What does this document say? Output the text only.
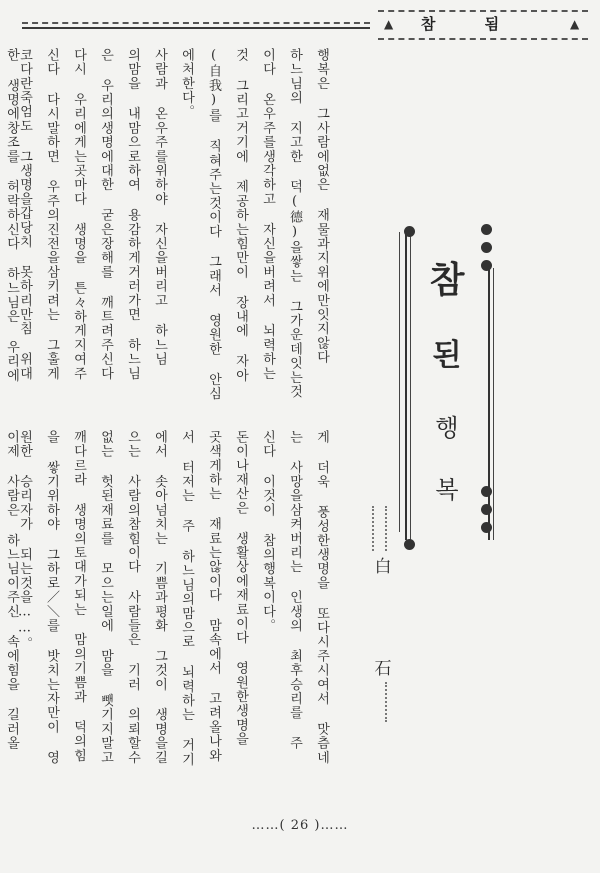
▲	참 됨	▲
참
된
행
복
白
石
행복은 그사람에없은 재물과지위에만잇지않다
하느님의 지고한 덕(德)을쌓는 그가운데잇는것
이다 온우주를생각하고 자신을버려서 뇌력하는
것 그리고거기에 제공하는힘만이 장내에 자아
(自我)를 직혀주는것이다 그래서 영원한 안심
에처한다。
사람과 온우주를위하야 자신을버리고 하느님
의맘을 내맘으로하여 용감하게거러가면 하느님
은 우리의생명에대한 굳은장해를 깨트려주신다
다시 우리에게는곳마다 생명을 튼々하게지여주
신다 다시말하면 우주의진전을삼키려는 그훌게
코다란죽엄도 그생명을갑당치 못하리만침 위대
한 생명에창조를 허락하신다 하느님은 우리에
게 더욱 풍성한생명을 또다시주시여서 맛츰네
는 사망을삼켜버리는 인생의 최후승리를 주
신다 이것이 참의행복이다。
돈이나재산은 생활상에재료이다 영원한생명을
곳색게하는 재료는않이다 맘속에서 고려올나와
서 터저는 주 하느님의맘으로 뇌력하는 거기
에서 솟아넘치는 기쁨과평화 그것이 생명을길
으는 사람의참힘이다 사람들은 기러 의뢰할수
없는 헛된재료를 모으는일에 맘을 뺏기지말고
깨다르라 생명의토대가되는 맘의기쁨과 덕의힘
을 쌓기위하야 그하로／＼를 밧치는자만이 영
원한 승리자가 되는것을……。
이제 사람은 하느님이주신 속에힘을 길러올
……( 26 )……
